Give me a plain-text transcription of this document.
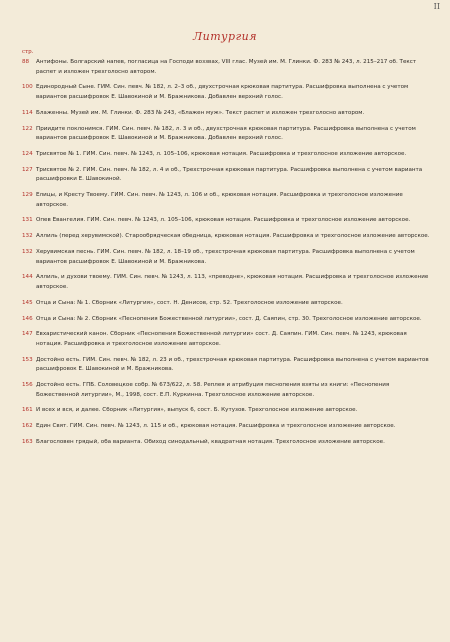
II
Литургия
стр.
88	Антифоны. Болгарский напев, поглаcица на Господи воззвах, VIII глас. Музей им. М. Глинки. Ф. 283 № 243, л. 215–217 об. Текст распет и изложен трехголосно автором.
100 Единородный Сыне. ГИМ. Син. певч. № 182, л. 2–3 об., двухстрочная крюковая партитура. Расшифровка выполнена с учетом вариантов расшифровок Е. Шавокиной и М. Бражниковa. Добавлен верхний голос.
114 Блаженны. Музей им. М. Глинки. Ф. 283 № 243, «Блажен муж». Текст распет и изложен трехголосно автором.
122 Приидите поклонимся. ГИМ. Син. певч. № 182, л. 3 и об., двухстрочная крюковая партитура. Расшифровка выполнена с учетом вариантов расшифровок Е. Шавокиной и М. Бражниковa. Добавлен верхний голос.
124 Трисвятое № 1. ГИМ. Син. певч. № 1243, л. 105–106, крюковая нотация. Расшифровка и трехголосное изложение авторское.
127 Трисвятое № 2. ГИМ. Син. певч. № 182, л. 4 и об., Трехстрочная крюковая партитура. Расшифровка выполнена с учетом варианта расшифровки Е. Шавокиной.
129 Елицы, и Кресту Твоему. ГИМ. Син. певч. № 1243, л. 106 и об., крюковая нотация. Расшифровка и трехголосное изложение авторское.
131 Опев Евангелия. ГИМ. Син. певч. № 1243, л. 105–106, крюковая нотация. Расшифровка и трехголосное изложение авторское.
132 Аллиль (перед херувимской). Старообрядческая обедница, крюковая нотация. Расшифровка и трехголосное изложение авторское.
132 Херувимская песнь. ГИМ. Син. певч. № 182, л. 18–19 об., трехстрочная крюковая партитура. Расшифровка выполнена с учетом вариантов расшифровок Е. Шавокиной и М. Бражниковa.
144 Аллиль, и духови твоему. ГИМ. Син. певч. № 1243, л. 113, «преводне», крюковая нотация. Расшифровка и трехголосное изложение авторское.
145 Отца и Сына: № 1. Сборник «Литургия», сост. Н. Денисов, стр. 52. Трехголосное изложение авторское.
146 Отца и Сына: № 2. Сборник «Песнопения Божественной литургии», сост. Д. Саяпин, стр. 30. Трехголосное изложение авторское.
147 Евхаристический канон. Сборник «Песнопения Божественной литургии» сост. Д. Саяпин. ГИМ. Син. певч. № 1243, крюковая нотация. Расшифровка и трехголосное изложение авторское.
153 Достойно есть. ГИМ. Син. певч. № 182, л. 23 и об., трехстрочная крюковая партитура. Расшифровка выполнена с учетом вариантов расшифровок Е. Шавокиной и М. Бражниковa.
156 Достойно есть. ГПБ. Соловецкое собр. № 673/622, л. 58. Реплея и атрибуция песнопения взяты из книги: «Песнопения Божественной литургии», М., 1998, сост. Е.П. Куркинна. Трехголосное изложение авторское.
161 И всех и вся, и далее. Сборник «Литургия», выпуск 6, сост. Б. Кутузов. Трехголосное изложение авторское.
162 Един Свят. ГИМ. Син. певч. № 1243, л. 115 и об., крюковая нотация. Расшифровка и трехголосное изложение авторское.
163 Благословен грядый, оба варианта. Обиход синодальный, квадратная нотация. Трехголосное изложение авторское.
